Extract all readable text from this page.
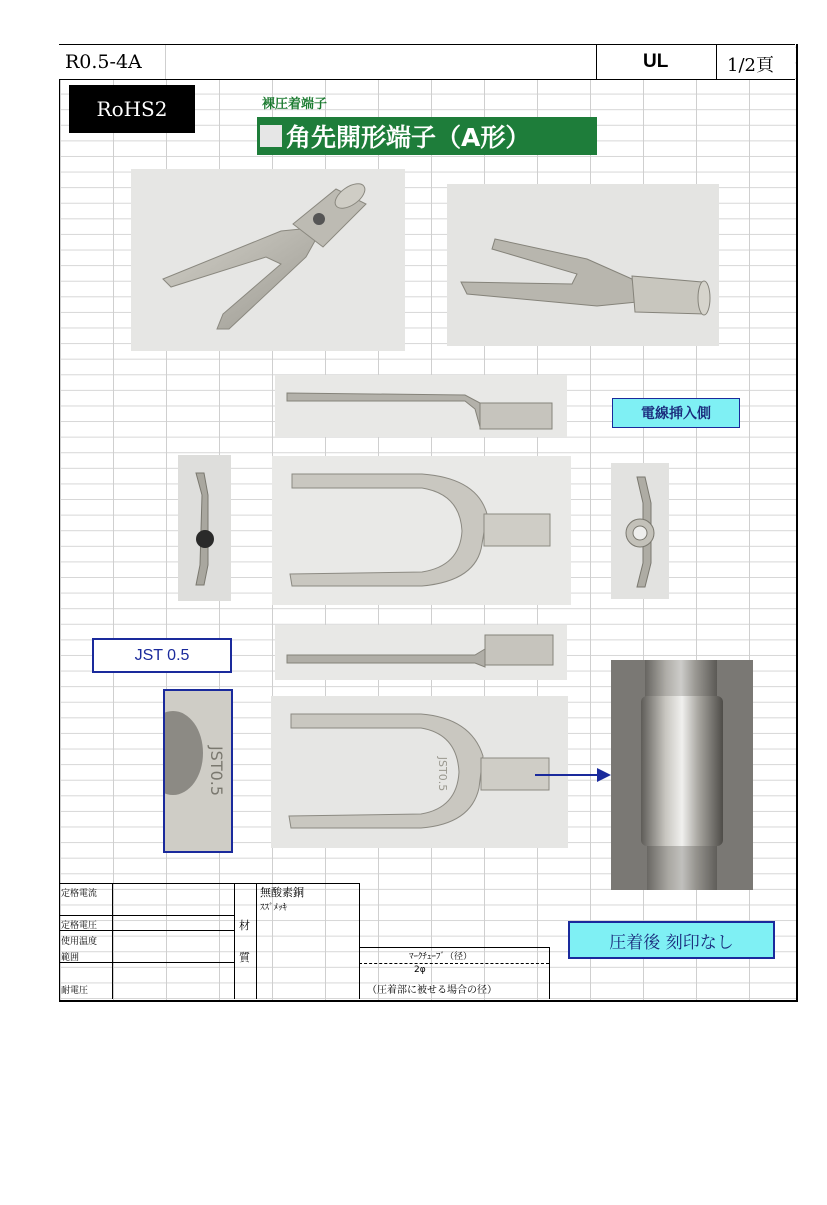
R0.5-4A	UL	1/2頁
RoHS2	裸圧着端子
角先開形端子（A形）
電線挿入側
JST 0.5
JST0.5	JST0.5
圧着後 刻印なし
定格電流
定格電圧
使用温度
範囲
耐電圧
材
質
無酸素銅
ｽｽﾞﾒｯｷ
ﾏｰｸﾁｭｰﾌﾞ（径）
2φ
（圧着部に被せる場合の径）
